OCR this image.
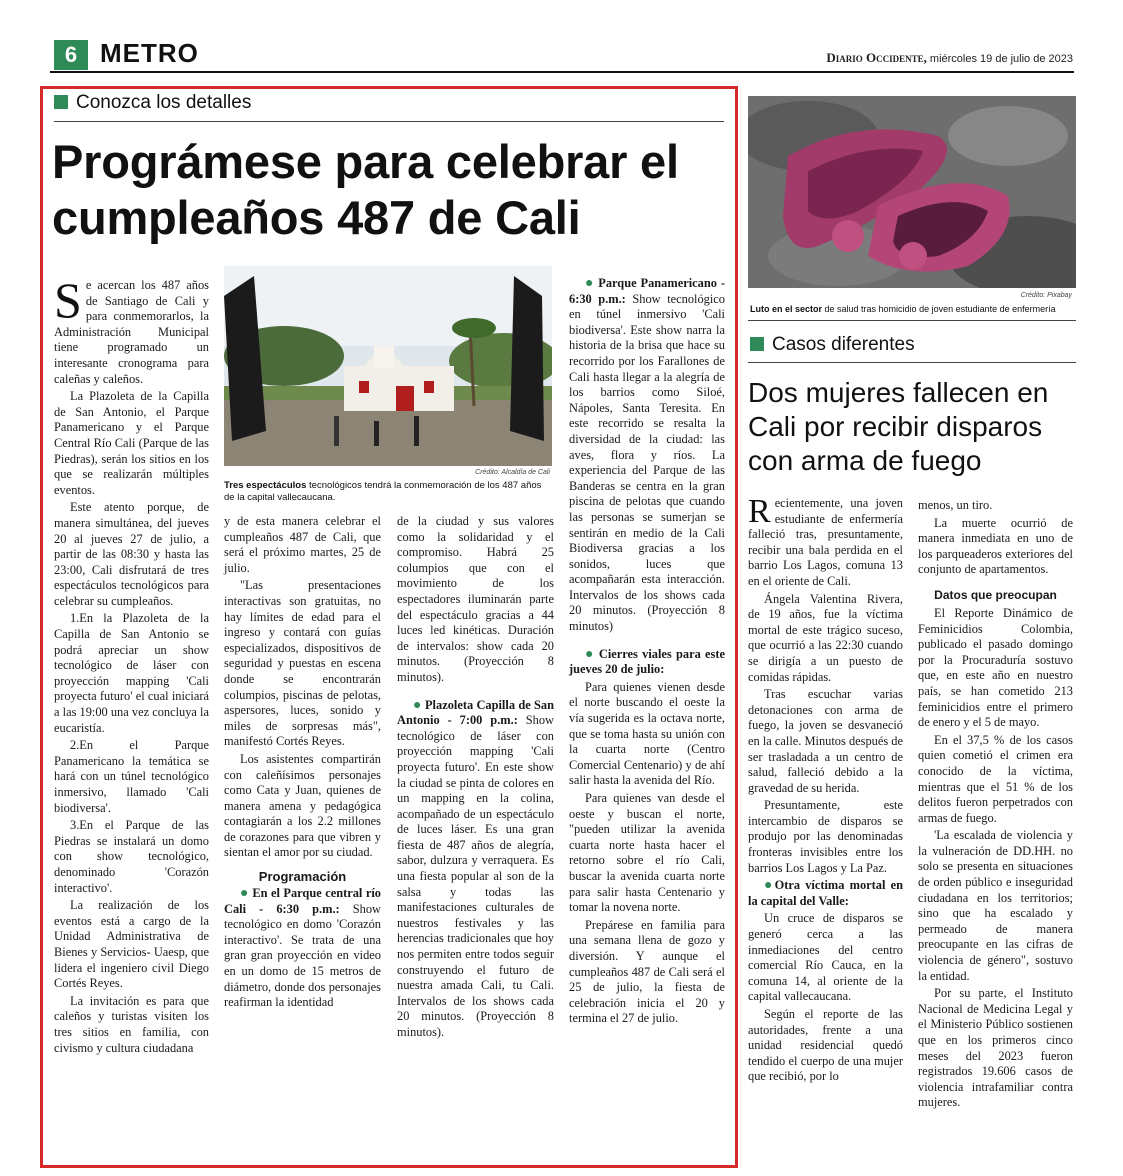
6 METRO	Diario Occidente, miércoles 19 de julio de 2023
Conozca los detalles
Prográmese para celebrar el cumpleaños 487 de Cali

Se acercan los 487 años de Santiago de Cali y para conmemorarlos, la Administración Municipal tiene programado un interesante cronograma para caleñas y caleños.

La Plazoleta de la Capilla de San Antonio, el Parque Panamericano y el Parque Central Río Cali (Parque de las Piedras), serán los sitios en los que se realizarán múltiples eventos.

Este atento porque, de manera simultánea, del jueves 20 al jueves 27 de julio, a partir de las 08:30 y hasta las 23:00, Cali disfrutará de tres espectáculos tecnológicos para celebrar su cumpleaños.

1.En la Plazoleta de la Capilla de San Antonio se podrá apreciar un show tecnológico de láser con proyección mapping 'Cali proyecta futuro' el cual iniciará a las 19:00 una vez concluya la eucaristía.

2.En el Parque Panamericano la temática se hará con un túnel tecnológico inmersivo, llamado 'Cali biodiversa'.

3.En el Parque de las Piedras se instalará un domo con show tecnológico, denominado 'Corazón interactivo'.

La realización de los eventos está a cargo de la Unidad Administrativa de Bienes y Servicios- Uaesp, que lidera el ingeniero civil Diego Cortés Reyes.

La invitación es para que caleños y turistas visiten los tres sitios en familia, con civismo y cultura ciudadana

Crédito: Alcaldía de Cali
Tres espectáculos tecnológicos tendrá la conmemoración de los 487 años de la capital vallecaucana.

y de esta manera celebrar el cumpleaños 487 de Cali, que será el próximo martes, 25 de julio.

"Las presentaciones interactivas son gratuitas, no hay límites de edad para el ingreso y contará con guías especializados, dispositivos de seguridad y puestas en escena donde se encontrarán columpios, piscinas de pelotas, aspersores, luces, sonido y miles de sorpresas más", manifestó Cortés Reyes.

Los asistentes compartirán con caleñísimos personajes como Cata y Juan, quienes de manera amena y pedagógica contagiarán a los 2.2 millones de corazones para que vibren y sientan el amor por su ciudad.

Programación

● En el Parque central río Cali - 6:30 p.m.: Show tecnológico en domo 'Corazón interactivo'. Se trata de una gran gran proyección en video en un domo de 15 metros de diámetro, donde dos personajes reafirman la identidad

de la ciudad y sus valores como la solidaridad y el compromiso. Habrá 25 columpios que con el movimiento de los espectadores iluminarán parte del espectáculo gracias a 44 luces led kinéticas. Duración de intervalos: show cada 20 minutos. (Proyección 8 minutos).

● Plazoleta Capilla de San Antonio - 7:00 p.m.: Show tecnológico de láser con proyección mapping 'Cali proyecta futuro'. En este show la ciudad se pinta de colores en un mapping en la colina, acompañado de un espectáculo de luces láser. Es una gran fiesta de 487 años de alegría, sabor, dulzura y verraquera. Es una fiesta popular al son de la salsa y todas las manifestaciones culturales de nuestros festivales y las herencias tradicionales que hoy nos permiten entre todos seguir construyendo el futuro de nuestra amada Cali, tu Cali. Intervalos de los shows cada 20 minutos. (Proyección 8 minutos).

● Parque Panamericano - 6:30 p.m.: Show tecnológico en túnel inmersivo 'Cali biodiversa'. Este show narra la historia de la brisa que hace su recorrido por los Farallones de Cali hasta llegar a la alegría de los barrios como Siloé, Nápoles, Santa Teresita. En este recorrido se resalta la diversidad de la ciudad: las aves, flora y ríos. La experiencia del Parque de las Banderas se centra en la gran piscina de pelotas que cuando las personas se sumerjan se sentirán en medio de la Cali Biodiversa gracias a los sonidos, luces que acompañarán esta interacción. Intervalos de los shows cada 20 minutos. (Proyección 8 minutos)

● Cierres viales para este jueves 20 de julio:

Para quienes vienen desde el norte buscando el oeste la vía sugerida es la octava norte, que se toma hasta su unión con la cuarta norte (Centro Comercial Centenario) y de ahí salir hasta la avenida del Río.

Para quienes van desde el oeste y buscan el norte, "pueden utilizar la avenida cuarta norte hasta hacer el retorno sobre el río Cali, buscar la avenida cuarta norte para salir hasta Centenario y tomar la novena norte.

Prepárese en familia para una semana llena de gozo y diversión. Y aunque el cumpleaños 487 de Cali será el 25 de julio, la fiesta de celebración inicia el 20 y termina el 27 de julio.

Crédito: Pixabay
Luto en el sector de salud tras homicidio de joven estudiante de enfermería
Casos diferentes
Dos mujeres fallecen en Cali por recibir disparos con arma de fuego

Recientemente, una joven estudiante de enfermería falleció tras, presuntamente, recibir una bala perdida en el barrio Los Lagos, comuna 13 en el oriente de Cali.

Ángela Valentina Rivera, de 19 años, fue la víctima mortal de este trágico suceso, que ocurrió a las 22:30 cuando se dirigía a un puesto de comidas rápidas.

Tras escuchar varias detonaciones con arma de fuego, la joven se desvaneció en la calle. Minutos después de ser trasladada a un centro de salud, falleció debido a la gravedad de su herida.

Presuntamente, este intercambio de disparos se produjo por las denominadas fronteras invisibles entre los barrios Los Lagos y La Paz.

●Otra víctima mortal en la capital del Valle:

Un cruce de disparos se generó cerca a las inmediaciones del centro comercial Río Cauca, en la comuna 14, al oriente de la capital vallecaucana.

Según el reporte de las autoridades, frente a una unidad residencial quedó tendido el cuerpo de una mujer que recibió, por lo

menos, un tiro.

La muerte ocurrió de manera inmediata en uno de los parqueaderos exteriores del conjunto de apartamentos.

Datos que preocupan

El Reporte Dinámico de Feminicidios Colombia, publicado el pasado domingo por la Procuraduría sostuvo que, en este año en nuestro país, se han cometido 213 feminicidios entre el primero de enero y el 5 de mayo.

En el 37,5 % de los casos quien cometió el crimen era conocido de la víctima, mientras que el 51 % de los delitos fueron perpetrados con armas de fuego.

'La escalada de violencia y la vulneración de DD.HH. no solo se presenta en situaciones de orden público e inseguridad ciudadana en los territorios; sino que ha escalado y permeado de manera preocupante en las cifras de violencia de género", sostuvo la entidad.

Por su parte, el Instituto Nacional de Medicina Legal y el Ministerio Público sostienen que en los primeros cinco meses del 2023 fueron registrados 19.606 casos de violencia intrafamiliar contra mujeres.
